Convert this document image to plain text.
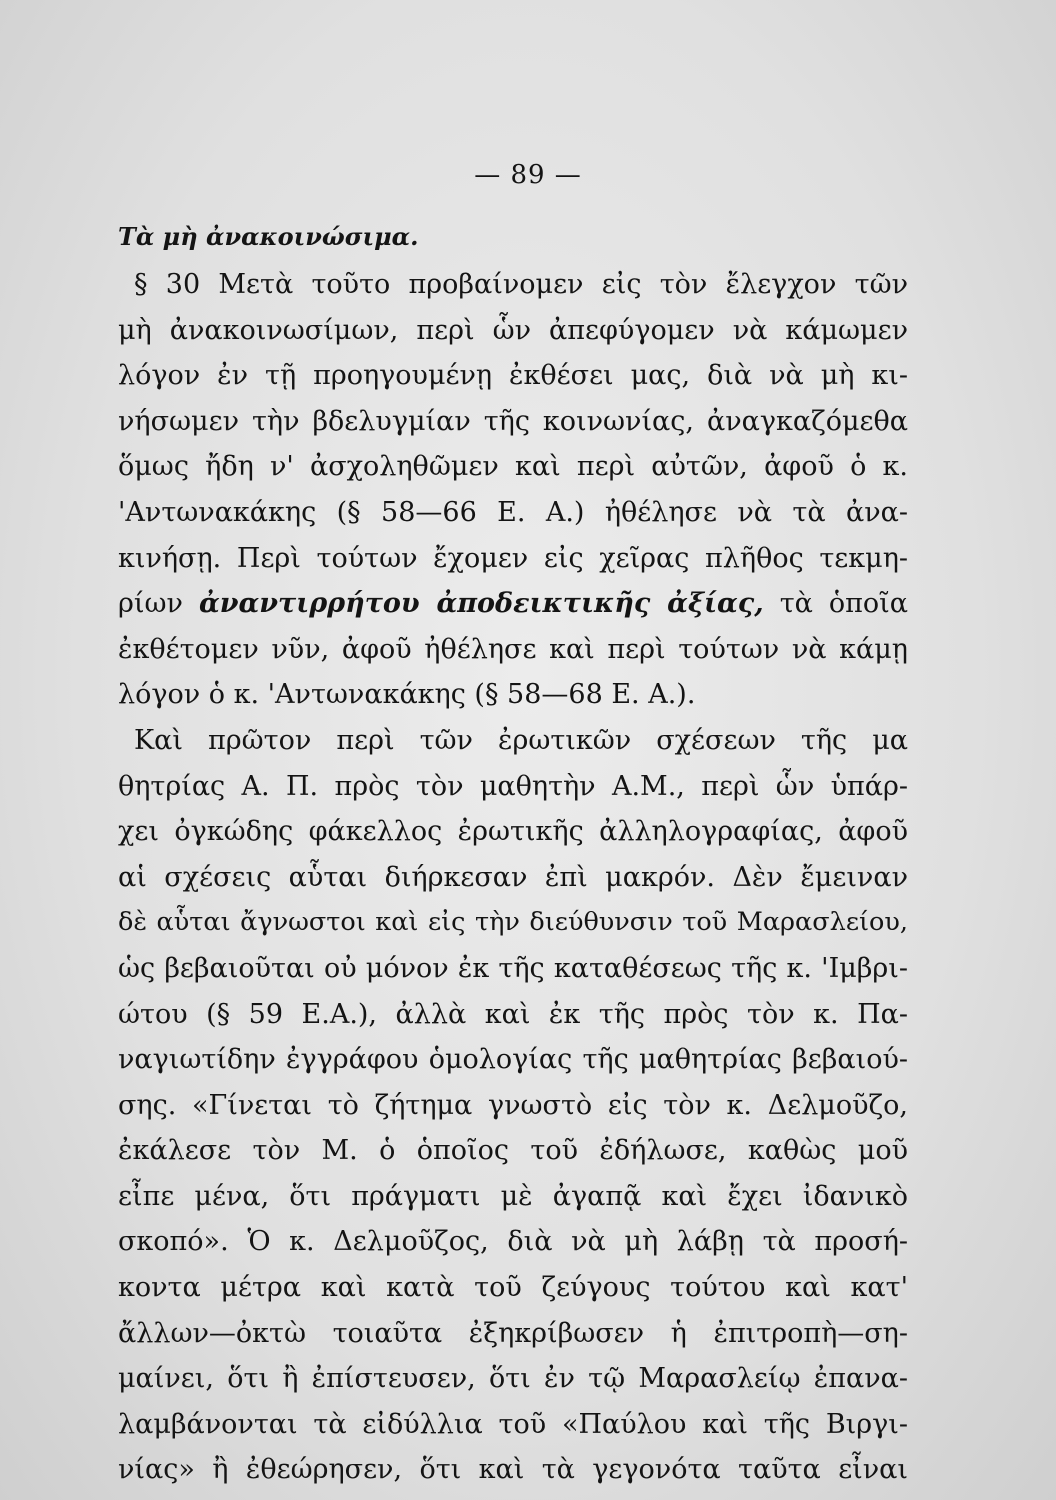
— 89 —
Τὰ μὴ ἀνακοινώσιμα.
§ 30 Μετὰ τοῦτο προβαίνομεν εἰς τὸν ἔλεγχον τῶν
μὴ ἀνακοινωσίμων, περὶ ὧν ἀπεφύγομεν νὰ κάμωμεν
λόγον ἐν τῇ προηγουμένῃ ἐκθέσει μας, διὰ νὰ μὴ κι-
νήσωμεν τὴν βδελυγμίαν τῆς κοινωνίας, ἀναγκαζόμεθα
ὅμως ἤδη ν' ἀσχοληθῶμεν καὶ περὶ αὐτῶν, ἀφοῦ ὁ κ.
'Αντωνακάκης (§ 58—66 Ε. Α.) ἠθέλησε νὰ τὰ ἀνα-
κινήσῃ. Περὶ τούτων ἔχομεν εἰς χεῖρας πλῆθος τεκμη-
ρίων ἀναντιρρήτου ἀποδεικτικῆς ἀξίας, τὰ ὁποῖα
ἐκθέτομεν νῦν, ἀφοῦ ἠθέλησε καὶ περὶ τούτων νὰ κάμῃ
λόγον ὁ κ. 'Αντωνακάκης (§ 58—68 Ε. Α.).
Καὶ πρῶτον περὶ τῶν ἐρωτικῶν σχέσεων τῆς μα
θητρίας Α. Π. πρὸς τὸν μαθητὴν Α.Μ., περὶ ὧν ὑπάρ-
χει ὀγκώδης φάκελλος ἐρωτικῆς ἀλληλογραφίας, ἀφοῦ
αἱ σχέσεις αὗται διήρκεσαν ἐπὶ μακρόν. Δὲν ἔμειναν
δὲ αὗται ἄγνωστοι καὶ εἰς τὴν διεύθυνσιν τοῦ Μαρασλείου,
ὡς βεβαιοῦται οὐ μόνον ἐκ τῆς καταθέσεως τῆς κ. 'Ιμβρι-
ώτου (§ 59 Ε.Α.), ἀλλὰ καὶ ἐκ τῆς πρὸς τὸν κ. Πα-
ναγιωτίδην ἐγγράφου ὁμολογίας τῆς μαθητρίας βεβαιού-
σης. «Γίνεται τὸ ζήτημα γνωστὸ εἰς τὸν κ. Δελμοῦζο,
ἐκάλεσε τὸν Μ. ὁ ὁποῖος τοῦ ἐδήλωσε, καθὼς μοῦ
εἶπε μένα, ὅτι πράγματι μὲ ἀγαπᾷ καὶ ἔχει ἰδανικὸ
σκοπό». Ὁ κ. Δελμοῦζος, διὰ νὰ μὴ λάβῃ τὰ προσή-
κοντα μέτρα καὶ κατὰ τοῦ ζεύγους τούτου καὶ κατ'
ἄλλων—ὀκτὼ τοιαῦτα ἐξηκρίβωσεν ἡ ἐπιτροπὴ—ση-
μαίνει, ὅτι ἢ ἐπίστευσεν, ὅτι ἐν τῷ Μαρασλείῳ ἐπανα-
λαμβάνονται τὰ εἰδύλλια τοῦ «Παύλου καὶ τῆς Βιργι-
νίας» ἢ ἐθεώρησεν, ὅτι καὶ τὰ γεγονότα ταῦτα εἶναι
